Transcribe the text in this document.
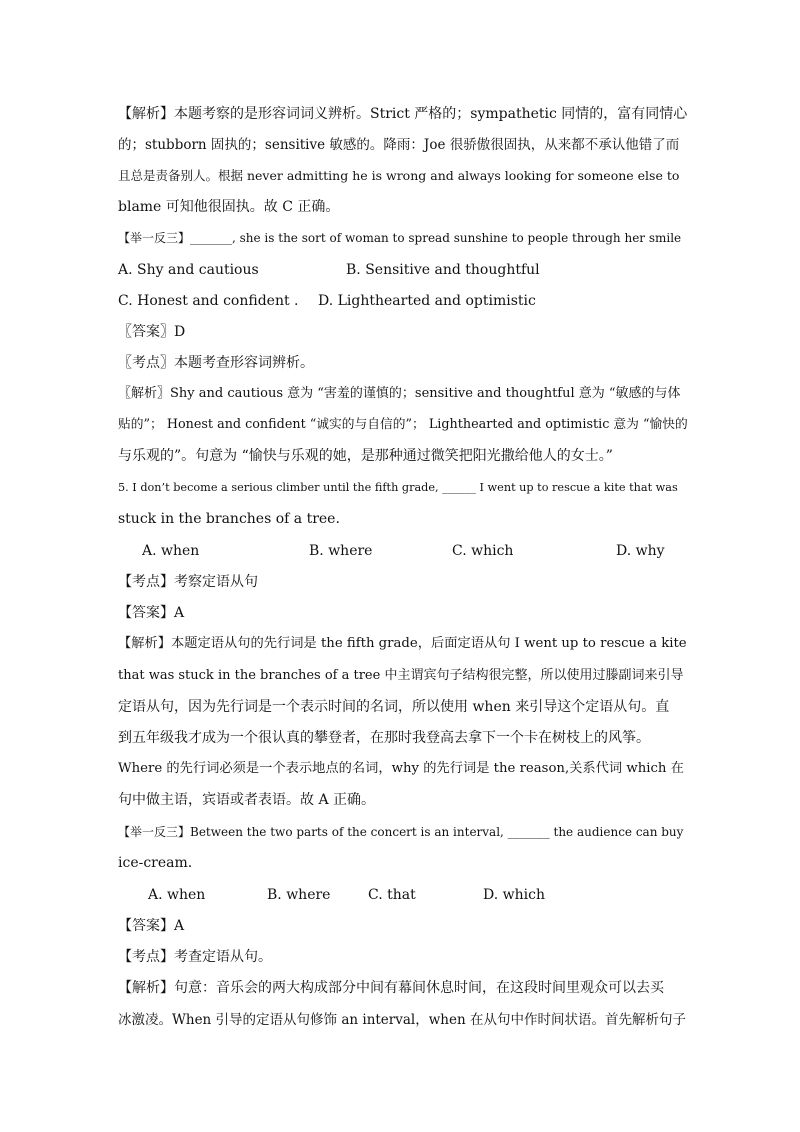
【解析】本题考察的是形容词词义辨析。Strict 严格的；sympathetic 同情的，富有同情心
的；stubborn 固执的；sensitive 敏感的。降雨：Joe 很骄傲很固执，从来都不承认他错了而
且总是责备别人。根据 never admitting he is wrong and always looking for someone else to
blame 可知他很固执。故 C 正确。
【举一反三】_______, she is the sort of woman to spread sunshine to people through her smile
A. Shy and cautious	B. Sensitive and thoughtful
C. Honest and confident . D. Lighthearted and optimistic
〖答案〗D
〖考点〗本题考查形容词辨析。
〖解析〗Shy and cautious 意为 “害羞的谨慎的；sensitive and thoughtful 意为 “敏感的与体
贴的”； Honest and confident “诚实的与自信的”； Lighthearted and optimistic 意为 “愉快的
与乐观的”。句意为 “愉快与乐观的她，是那种通过微笑把阳光撒给他人的女士。”
5. I don’t become a serious climber until the fifth grade, ______ I went up to rescue a kite that was
stuck in the branches of a tree.
A. when	B. where	C. which	D. why
【考点】考察定语从句
【答案】A
【解析】本题定语从句的先行词是 the fifth grade，后面定语从句 I went up to rescue a kite
that was stuck in the branches of a tree 中主谓宾句子结构很完整，所以使用过滕副词来引导
定语从句，因为先行词是一个表示时间的名词，所以使用 when 来引导这个定语从句。直
到五年级我才成为一个很认真的攀登者，在那时我登高去拿下一个卡在树枝上的风筝。
Where 的先行词必须是一个表示地点的名词，why 的先行词是 the reason,关系代词 which 在
句中做主语，宾语或者表语。故 A 正确。
【举一反三】Between the two parts of the concert is an interval, _______ the audience can buy
ice-cream.
A. when	B. where	C. that	D. which
【答案】A
【考点】考查定语从句。
【解析】句意：音乐会的两大构成部分中间有幕间休息时间，在这段时间里观众可以去买
冰激凌。When 引导的定语从句修饰 an interval，when 在从句中作时间状语。首先解析句子
